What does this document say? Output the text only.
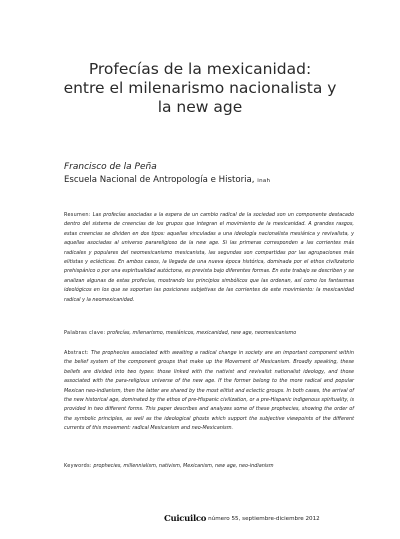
Profecías de la mexicanidad:
entre el milenarismo nacionalista y
la new age
Francisco de la Peña
Escuela Nacional de Antropología e Historia, inah

Resumen: Las profecías asociadas a la espera de un cambio radical de la sociedad son un componente destacado dentro del sistema de creencias de los grupos que integran el movimiento de la mexicanidad. A grandes rasgos, estas creencias se dividen en dos tipos: aquellas vinculadas a una ideología nacionalista mesiánica y revivalista, y aquellas asociadas al universo parareligioso de la new age. Si las primeras corresponden a las corrientes más radicales y populares del neomexicanismo mexicanista, las segundas son compartidas por las agrupaciones más elitistas y eclécticas. En ambos casos, la llegada de una nueva época histórica, dominada por el ethos civilizatorio prehispánico o por una espiritualidad autóctona, es prevista bajo diferentes formas. En este trabajo se describen y se analizan algunas de estas profecías, mostrando los principios simbólicos que las ordenan, así como los fantasmas ideológicos en los que se soportan las posiciones subjetivas de las corrientes de este movimiento: la mexicanidad radical y la neomexicanidad.

Palabras clave: profecías, milenarismo, mesiánicos, mexicanidad, new age, neomexicanismo

Abstract: The prophecies associated with awaiting a radical change in society are an important component within the belief system of the component groups that make up the Movement of Mexicanism. Broadly speaking, these beliefs are divided into two types: those linked with the nativist and revivalist nationalist ideology, and those associated with the para-religious universe of the new age. If the former belong to the more radical and popular Mexican neo-indianism, then the latter are shared by the most elitist and eclectic groups. In both cases, the arrival of the new historical age, dominated by the ethos of pre-Hispanic civilization, or a pre-Hispanic indigenous spirituality, is provided in two different forms. This paper describes and analyzes some of these prophecies, showing the order of the symbolic principles, as well as the ideological ghosts which support the subjective viewpoints of the different currents of this movement: radical Mexicanism and neo-Mexicanism.

Keywords: prophecies, millennialism, nativism, Mexicanism, new age, neo-indianism

Cuicuilco número 55, septiembre-diciembre 2012
